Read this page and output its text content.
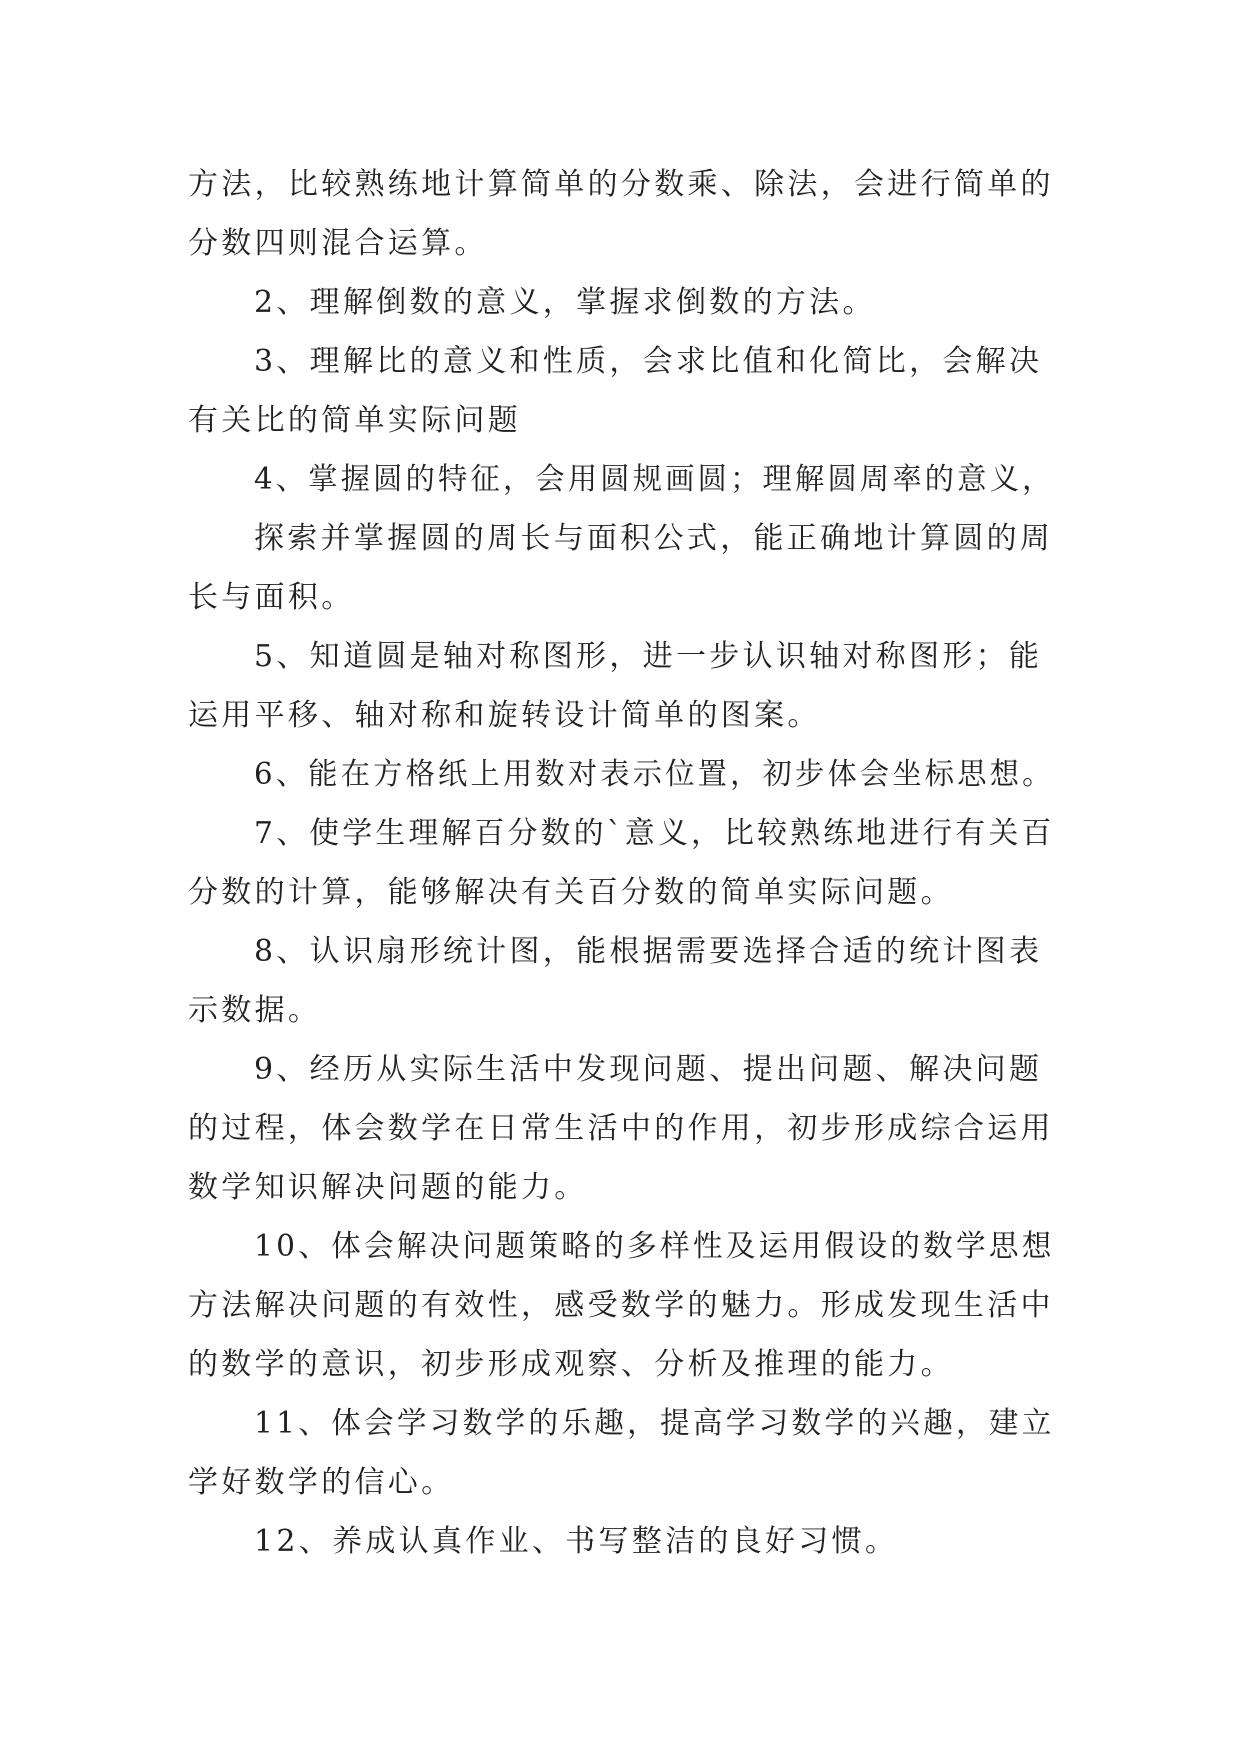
方法，比较熟练地计算简单的分数乘、除法，会进行简单的
分数四则混合运算。
2、理解倒数的意义，掌握求倒数的方法。
3、理解比的意义和性质，会求比值和化简比，会解决
有关比的简单实际问题
4、掌握圆的特征，会用圆规画圆；理解圆周率的意义，
探索并掌握圆的周长与面积公式，能正确地计算圆的周
长与面积。
5、知道圆是轴对称图形，进一步认识轴对称图形；能
运用平移、轴对称和旋转设计简单的图案。
6、能在方格纸上用数对表示位置，初步体会坐标思想。
7、使学生理解百分数的`意义，比较熟练地进行有关百
分数的计算，能够解决有关百分数的简单实际问题。
8、认识扇形统计图，能根据需要选择合适的统计图表
示数据。
9、经历从实际生活中发现问题、提出问题、解决问题
的过程，体会数学在日常生活中的作用，初步形成综合运用
数学知识解决问题的能力。
10、体会解决问题策略的多样性及运用假设的数学思想
方法解决问题的有效性，感受数学的魅力。形成发现生活中
的数学的意识，初步形成观察、分析及推理的能力。
11、体会学习数学的乐趣，提高学习数学的兴趣，建立
学好数学的信心。
12、养成认真作业、书写整洁的良好习惯。
